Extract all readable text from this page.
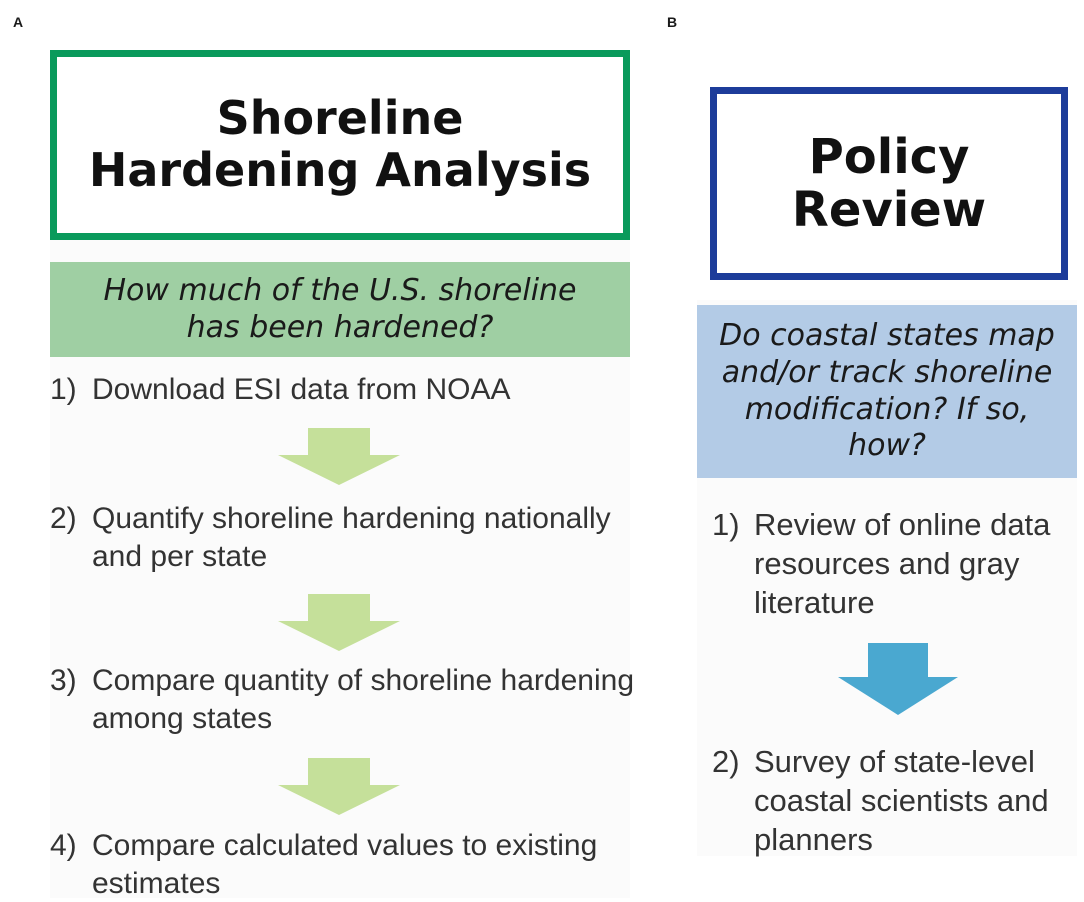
A
Shoreline
Hardening Analysis
How much of the U.S. shoreline has been hardened?
1) Download ESI data from NOAA
2) Quantify shoreline hardening nationally and per state
3) Compare quantity of shoreline hardening among states
4) Compare calculated values to existing estimates
B
Policy
Review
Do coastal states map and/or track shoreline modification? If so, how?
1) Review of online data resources and gray literature
2) Survey of state-level coastal scientists and planners
